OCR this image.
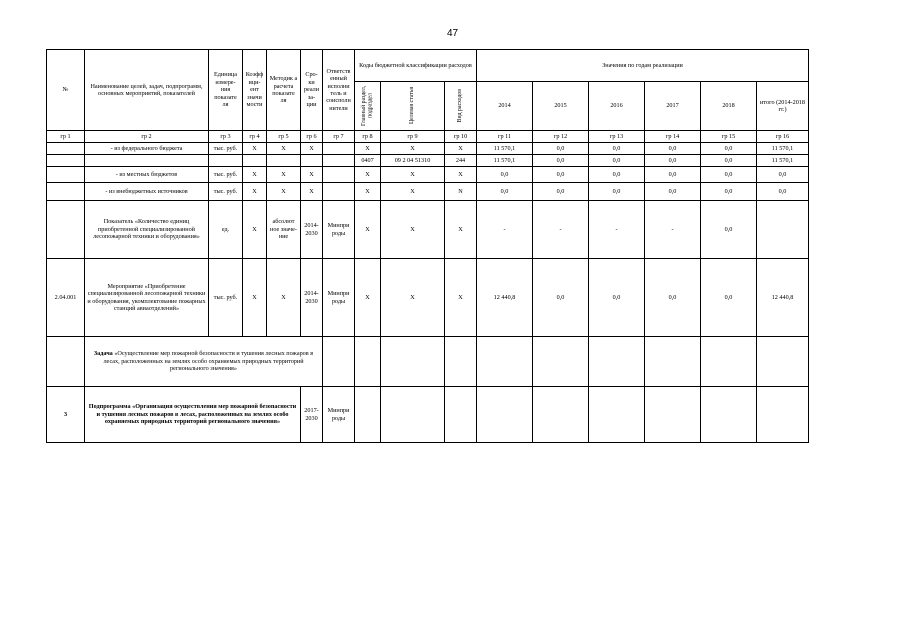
47
№	Наименование целей, задач, подпрограмм, основных мероприятий, показателей	Единица измере-ния показате ля	Коэфф ици-ент значи мости	Методик а расчета показате ля	Сро-ки реали за-ции	Ответств енный исполни тель и соисполн нители	Коды бюджетной классификации расходов			Значения по годам реализации					

							Главный раздел, подраздел	Целевая статья	Вид расходов	2014	2015	2016	2017	2018	итого (2014-2018 гг.)
гр 1	гр 2	гр 3	гр 4	гр 5	гр 6	гр 7	гр 8	гр 9	гр 10	гр 11	гр 12	гр 13	гр 14	гр 15	гр 16
	- из федерального бюджета	тыс. руб.	X	X	X		X	X	X	11 570,1	0,0	0,0	0,0	0,0	11 570,1
							0407	09 2 04 51310	244	11 570,1	0,0	0,0	0,0	0,0	11 570,1
	- из местных бюджетов	тыс. руб.	X	X	X		X	X	X	0,0	0,0	0,0	0,0	0,0	0,0
	- из внебюджетных источников	тыс. руб.	X	X	X		X	X	N	0,0	0,0	0,0	0,0	0,0	0,0
	Показатель «Количество единиц приобретенной специализированной лесопожарной техники и оборудования»	ед.	X	абсолют ное значе-ние	2014-2030	Минпри роды	X	X	X	-	-	-	-	0,0	
2.04.001	Мероприятие «Приобретение специализированной лесопожарной техники и оборудования, укомплектование пожарных станций авиаотделений»	тыс. руб.	X	X	2014-2030	Минпри роды	X	X	X	12 440,8	0,0	0,0	0,0	0,0	12 440,8
	Задача «Осуществление мер пожарной безопасности и тушения лесных пожаров в лесах, расположенных на землях особо охраняемых природных территорий регионального значения»														
3	Подпрограмма «Организация осуществления мер пожарной безопасности и тушения лесных пожаров в лесах, расположенных на землях особо охраняемых природных территорий регионального значения»				2017-2030	Минпри роды									
